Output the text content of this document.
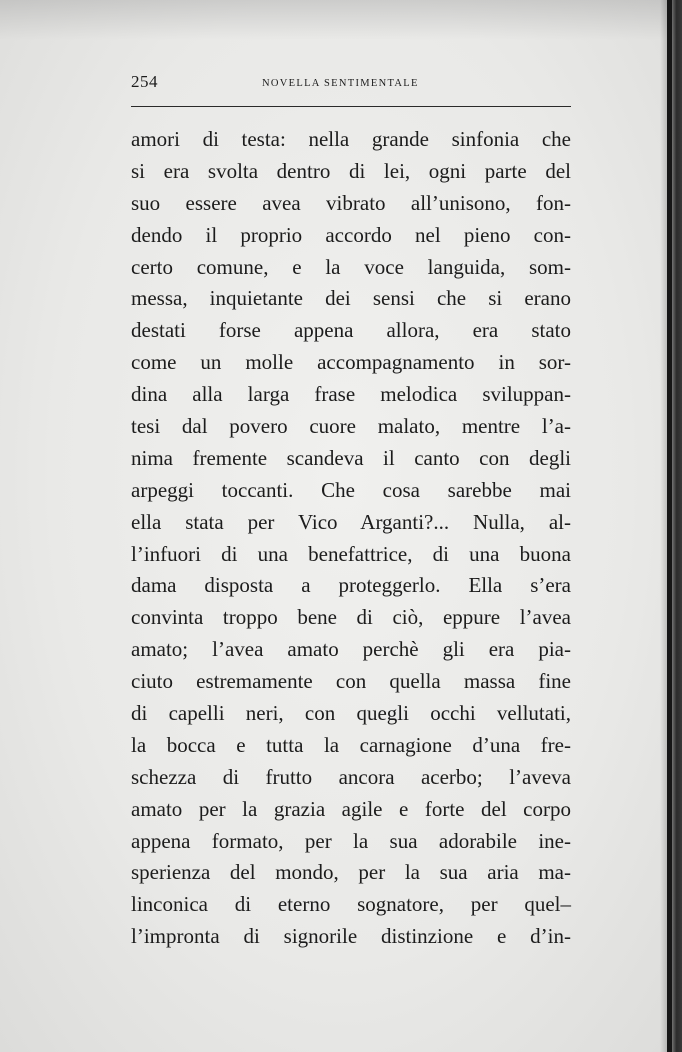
254	NOVELLA SENTIMENTALE
amori di testa: nella grande sinfonia che
si era svolta dentro di lei, ogni parte del
suo essere avea vibrato all’unisono, fon-
dendo il proprio accordo nel pieno con-
certo comune, e la voce languida, som-
messa, inquietante dei sensi che si erano
destati forse appena allora, era stato
come un molle accompagnamento in sor-
dina alla larga frase melodica sviluppan-
tesi dal povero cuore malato, mentre l’a-
nima fremente scandeva il canto con degli
arpeggi toccanti. Che cosa sarebbe mai
ella stata per Vico Arganti?... Nulla, al-
l’infuori di una benefattrice, di una buona
dama disposta a proteggerlo. Ella s’era
convinta troppo bene di ciò, eppure l’avea
amato; l’avea amato perchè gli era pia-
ciuto estremamente con quella massa fine
di capelli neri, con quegli occhi vellutati,
la bocca e tutta la carnagione d’una fre-
schezza di frutto ancora acerbo; l’aveva
amato per la grazia agile e forte del corpo
appena formato, per la sua adorabile ine-
sperienza del mondo, per la sua aria ma-
linconica di eterno sognatore, per quel–
l’impronta di signorile distinzione e d’in-
